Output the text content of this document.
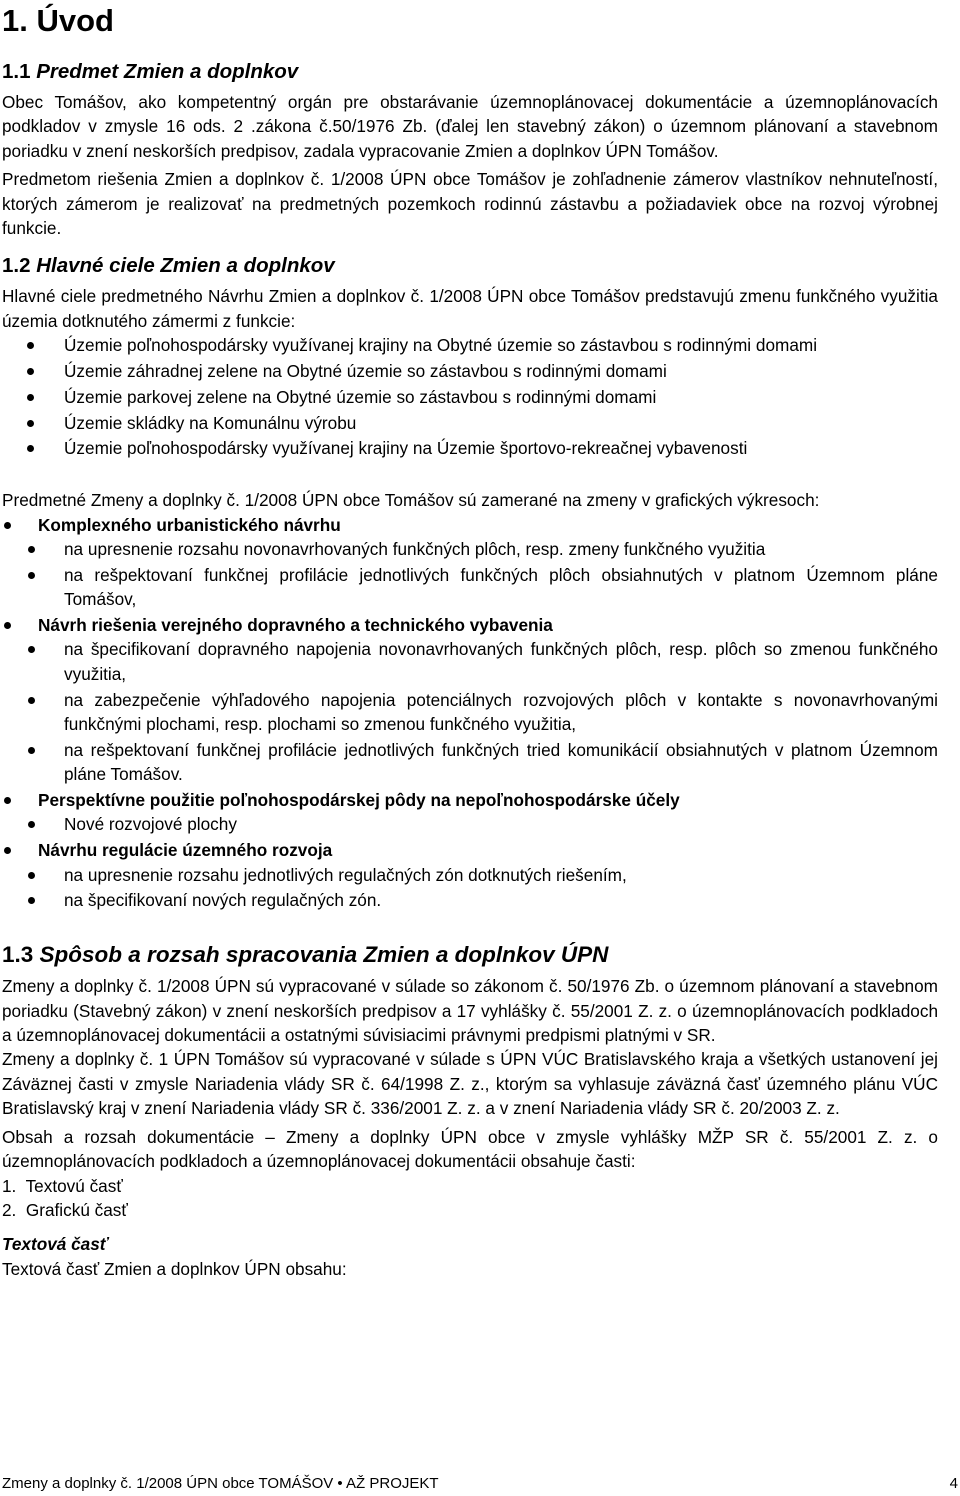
1. Úvod
1.1 Predmet Zmien a doplnkov

Obec Tomášov, ako kompetentný orgán pre obstarávanie územnoplánovacej dokumentácie a územnoplánovacích podkladov v zmysle 16 ods. 2 .zákona č.50/1976 Zb. (ďalej len stavebný zákon) o územnom plánovaní a stavebnom poriadku v znení neskorších predpisov, zadala vypracovanie Zmien a doplnkov ÚPN Tomášov.

Predmetom riešenia Zmien a doplnkov č. 1/2008 ÚPN obce Tomášov je zohľadnenie zámerov vlastníkov nehnuteľností, ktorých zámerom je realizovať na predmetných pozemkoch rodinnú zástavbu a požiadaviek obce na rozvoj výrobnej funkcie.

1.2 Hlavné ciele Zmien a doplnkov

Hlavné ciele predmetného Návrhu Zmien a doplnkov č. 1/2008 ÚPN obce Tomášov predstavujú zmenu funkčného využitia územia dotknutého zámermi z funkcie:

Územie poľnohospodársky využívanej krajiny na Obytné územie so zástavbou s rodinnými domami
Územie záhradnej zelene na Obytné územie so zástavbou s rodinnými domami
Územie parkovej zelene na Obytné územie so zástavbou s rodinnými domami
Územie skládky na Komunálnu výrobu
Územie poľnohospodársky využívanej krajiny na Územie športovo-rekreačnej vybavenosti

Predmetné Zmeny a doplnky č. 1/2008 ÚPN obce Tomášov sú zamerané na zmeny v grafických výkresoch:

Komplexného urbanistického návrhu
na upresnenie rozsahu novonavrhovaných funkčných plôch, resp. zmeny funkčného využitia
na rešpektovaní funkčnej profilácie jednotlivých funkčných plôch obsiahnutých v platnom Územnom pláne Tomášov,
Návrh riešenia verejného dopravného a technického vybavenia
na špecifikovaní dopravného napojenia novonavrhovaných funkčných plôch, resp. plôch so zmenou funkčného využitia,
na zabezpečenie výhľadového napojenia potenciálnych rozvojových plôch v kontakte s novonavrhovanými funkčnými plochami, resp. plochami so zmenou funkčného využitia,
na rešpektovaní funkčnej profilácie jednotlivých funkčných tried komunikácií obsiahnutých v platnom Územnom pláne Tomášov.
Perspektívne použitie poľnohospodárskej pôdy na nepoľnohospodárske účely
Nové rozvojové plochy
Návrhu regulácie územného rozvoja
na upresnenie rozsahu jednotlivých regulačných zón dotknutých riešením,
na špecifikovaní nových regulačných zón.
1.3 Spôsob a rozsah spracovania Zmien a doplnkov ÚPN

Zmeny a doplnky č. 1/2008 ÚPN sú vypracované v súlade so zákonom č. 50/1976 Zb. o územnom plánovaní a stavebnom poriadku (Stavebný zákon) v znení neskorších predpisov a 17 vyhlášky č. 55/2001 Z. z. o územnoplánovacích podkladoch a územnoplánovacej dokumentácii a ostatnými súvisiacimi právnymi predpismi platnými v SR.

Zmeny a doplnky č. 1 ÚPN Tomášov sú vypracované v súlade s ÚPN VÚC Bratislavského kraja a všetkých ustanovení jej Záväznej časti v zmysle Nariadenia vlády SR č. 64/1998 Z. z., ktorým sa vyhlasuje záväzná časť územného plánu VÚC Bratislavský kraj v znení Nariadenia vlády SR č. 336/2001 Z. z. a v znení Nariadenia vlády SR č. 20/2003 Z. z.

Obsah a rozsah dokumentácie – Zmeny a doplnky ÚPN obce v zmysle vyhlášky MŽP SR č. 55/2001 Z. z. o územnoplánovacích podkladoch a územnoplánovacej dokumentácii obsahuje časti:

1.  Textovú časť

2.  Grafickú časť

Textová časť

Textová časť Zmien a doplnkov ÚPN obsahu:

Zmeny a doplnky č. 1/2008 ÚPN obce TOMÁŠOV • AŽ PROJEKT	4
